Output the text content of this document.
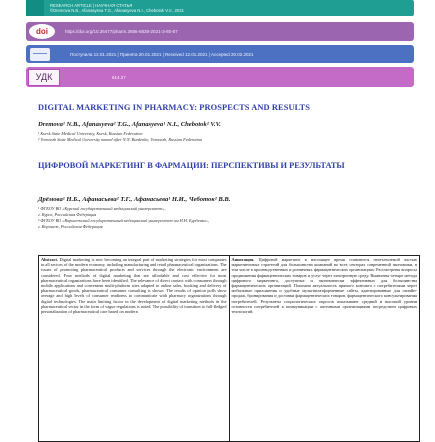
RESEARCH ARTICLE | НАУЧНАЯ СТАТЬЯ
©Dremova N.B., Afanasyeva T.G., Afanasyeva N.I., Chebotok V.V., 2021
doi	https://doi.org/10.36477/pharm.2686-6838-2021-3-80-87
Поступила 12.01.2021 | Принята 20.01.2021 | Received 12.01.2021 | Accepted 20.02.2021
УДК	614.27
DIGITAL MARKETING IN PHARMACY: PROSPECTS AND RESULTS
Dremova¹ N.B., Afanasyeva² T.G., Afanasyeva¹ N.I., Chebotok² V.V.
¹ Kursk State Medical University, Kursk, Russian Federation
² Voronezh State Medical University named after N.N. Burdenko, Voronezh, Russian Federation
ЦИФРОВОЙ МАРКЕТИНГ В ФАРМАЦИИ: ПЕРСПЕКТИВЫ И РЕЗУЛЬТАТЫ
Дрёмова¹ Н.Б., Афанасьева² Т.Г., Афанасьева¹ Н.И., Чеботок² В.В.
¹ ФГБОУ ВО «Курский государственный медицинский университет»,
г. Курск, Российская Федерация
² ФГБОУ ВО «Воронежский государственный медицинский университет им Н.Н. Бурденко»,
г. Воронеж, Российская Федерация
Abstract. Digital marketing is now becoming an integral part of marketing strategies for most companies in all sectors of the modern economy, including manufacturing and retail pharmaceutical organizations. The issues of promoting pharmaceutical products and services through the electronic environment are considered. Four methods of digital marketing that are affordable and cost effective for most pharmaceutical organizations have been identified. The relevance of direct contact with consumers through mobile applications and convenient multi-platform sites adapted to online sales, booking and delivery of pharmaceutical goods, pharmaceutical consumer consulting is shown. The results of opinion polls show average and high levels of consumer readiness to communicate with pharmacy organizations through digital technologies. The main limiting factor in the development of digital marketing methods in the pharmaceutical sector in the form of vague regulations is noted. The possibility of transition to full-fledged personalization of pharmaceutical care based on modern
Аннотация. Цифровой маркетинг в настоящее время становится неотъемлемой частью маркетинговых стратегий для большинства компаний во всех секторах современной экономики, в том числе в производственных и розничных фармацевтических организациях. Рассмотрены вопросы продвижения фармацевтических товаров и услуг через электронную среду. Выявлены четыре метода цифрового маркетинга, доступных и экономически эффективных для большинства фармацевтических организаций. Показана актуальность прямого контакта с потребителями через мобильные приложения и удобные мультиплатформенные сайты, адаптированные для онлайн-продаж, бронирования и доставки фармацевтических товаров, фармацевтического консультирования потребителей. Результаты социологических опросов показывают средний и высокий уровни готовности потребителей к коммуникации с аптечными организациями посредством цифровых технологий.
